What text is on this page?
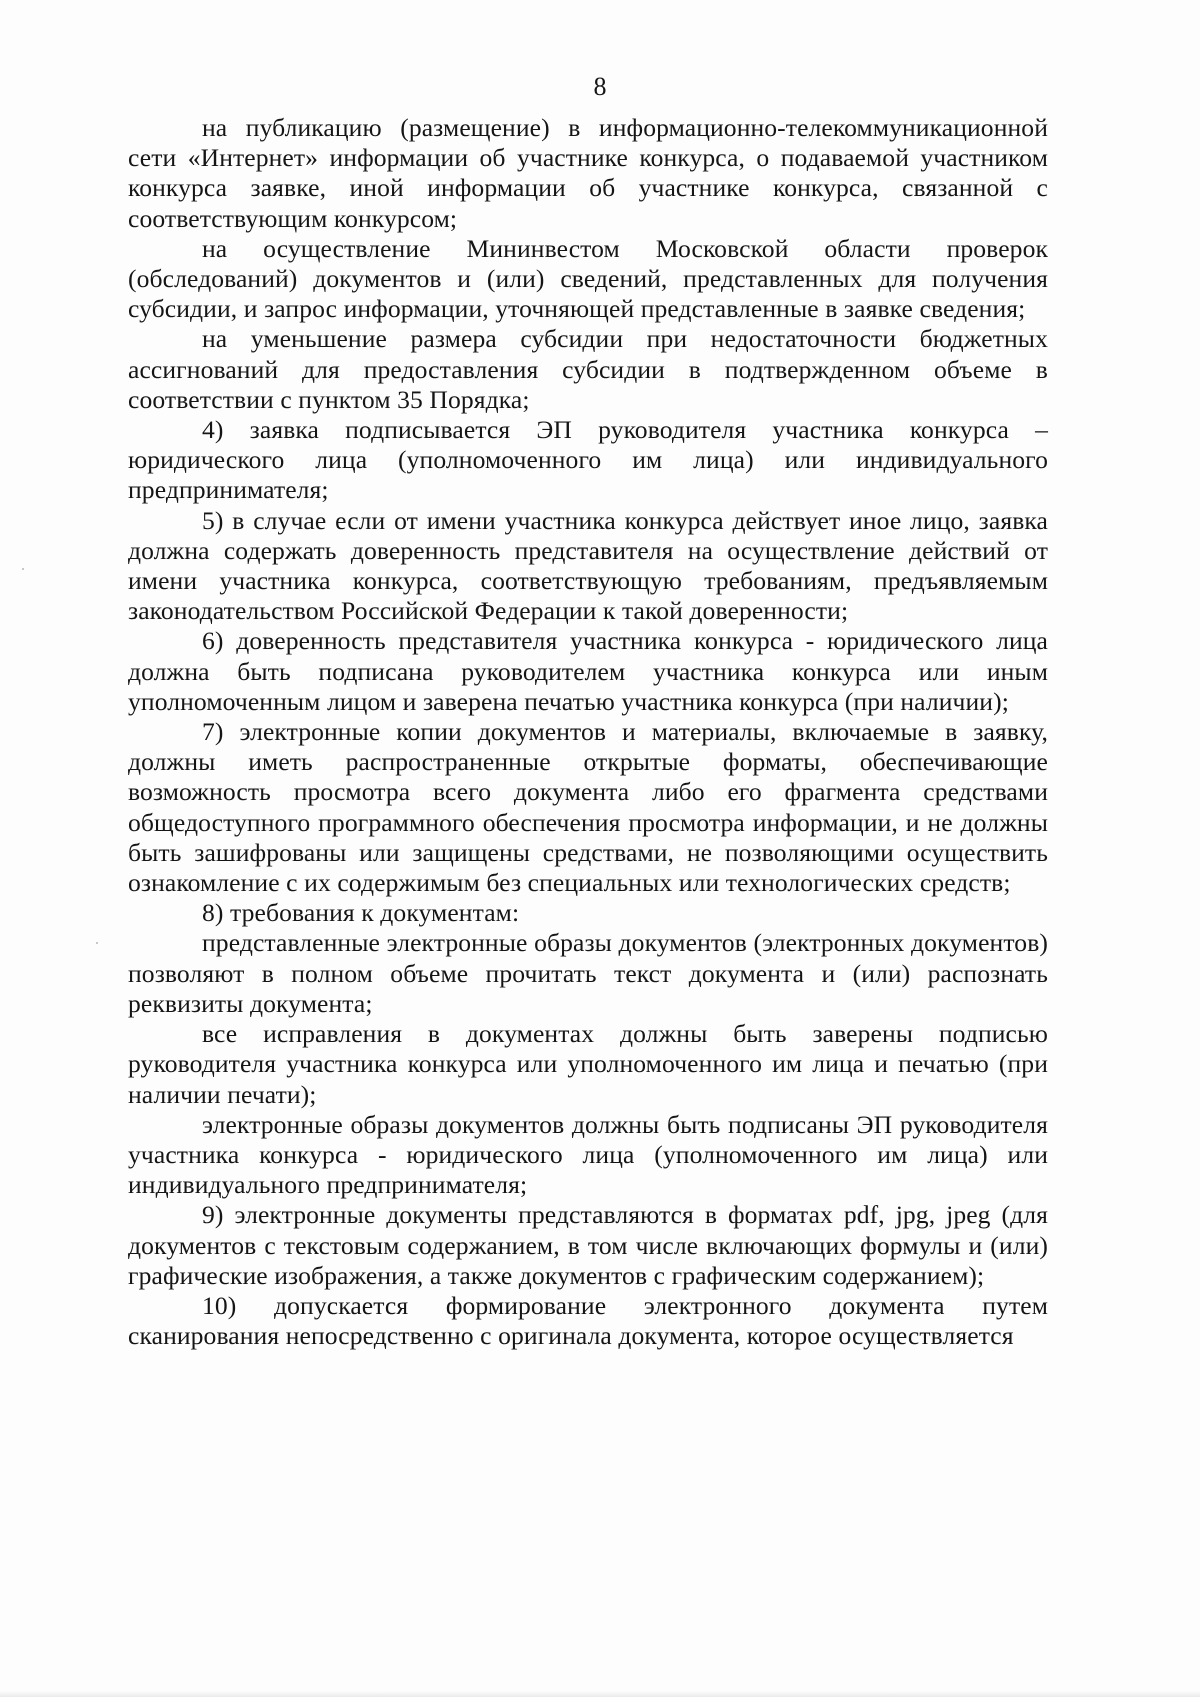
8

на публикацию (размещение) в информационно-телекоммуникационной сети «Интернет» информации об участнике конкурса, о подаваемой участником конкурса заявке, иной информации об участнике конкурса, связанной с соответствующим конкурсом;

на осуществление Мининвестом Московской области проверок (обследований) документов и (или) сведений, представленных для получения субсидии, и запрос информации, уточняющей представленные в заявке сведения;

на уменьшение размера субсидии при недостаточности бюджетных ассигнований для предоставления субсидии в подтвержденном объеме в соответствии с пунктом 35 Порядка;

4) заявка подписывается ЭП руководителя участника конкурса – юридического лица (уполномоченного им лица) или индивидуального предпринимателя;

5) в случае если от имени участника конкурса действует иное лицо, заявка должна содержать доверенность представителя на осуществление действий от имени участника конкурса, соответствующую требованиям, предъявляемым законодательством Российской Федерации к такой доверенности;

6) доверенность представителя участника конкурса - юридического лица должна быть подписана руководителем участника конкурса или иным уполномоченным лицом и заверена печатью участника конкурса (при наличии);

7) электронные копии документов и материалы, включаемые в заявку, должны иметь распространенные открытые форматы, обеспечивающие возможность просмотра всего документа либо его фрагмента средствами общедоступного программного обеспечения просмотра информации, и не должны быть зашифрованы или защищены средствами, не позволяющими осуществить ознакомление с их содержимым без специальных или технологических средств;

8) требования к документам:

представленные электронные образы документов (электронных документов) позволяют в полном объеме прочитать текст документа и (или) распознать реквизиты документа;

все исправления в документах должны быть заверены подписью руководителя участника конкурса или уполномоченного им лица и печатью (при наличии печати);

электронные образы документов должны быть подписаны ЭП руководителя участника конкурса - юридического лица (уполномоченного им лица) или индивидуального предпринимателя;

9) электронные документы представляются в форматах pdf, jpg, jpeg (для документов с текстовым содержанием, в том числе включающих формулы и (или) графические изображения, а также документов с графическим содержанием);

10) допускается формирование электронного документа путем сканирования непосредственно с оригинала документа, которое осуществляется
